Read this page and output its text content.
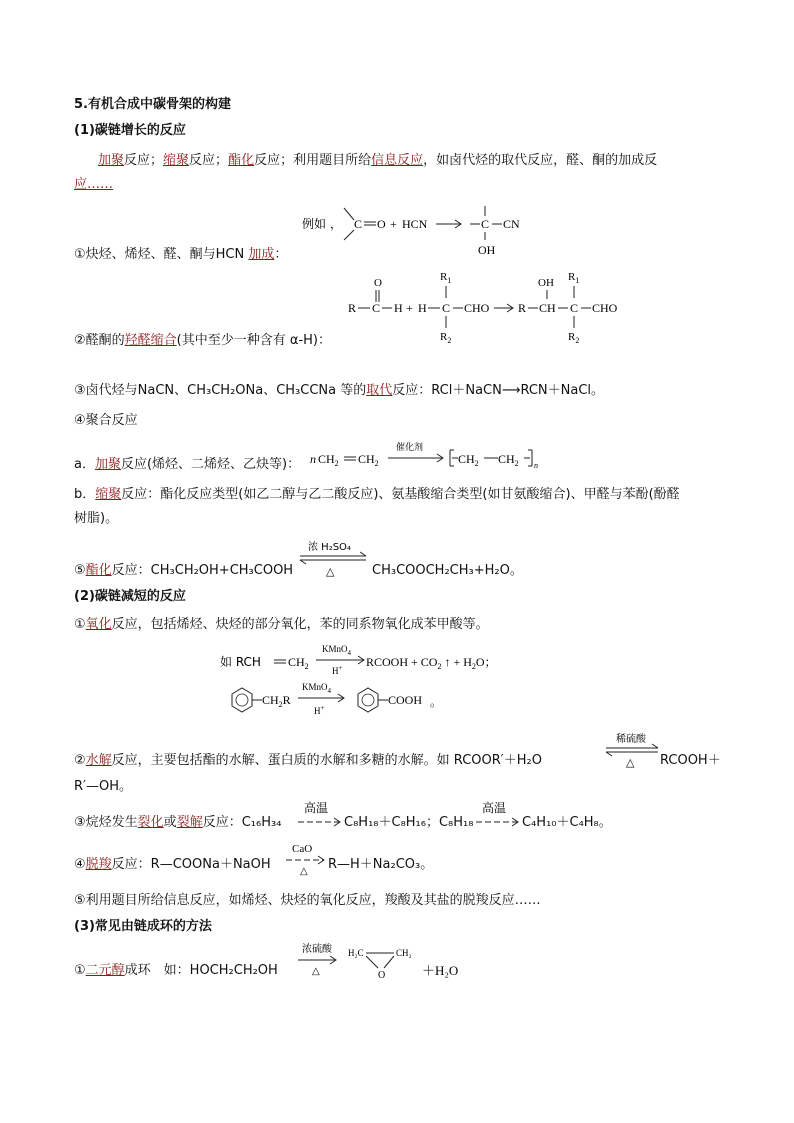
5.有机合成中碳骨架的构建
(1)碳链增长的反应
加聚反应；缩聚反应；酯化反应；利用题目所给信息反应，如卤代烃的取代反应，醛、酮的加成反
应……
例如 ， C O + HCN	C CN
OH
①炔烃、烯烃、醛、酮与HCN 加成：
O
R C H + H C
$R_1$
$R_2$
CHO R CH
OH
C
$R_1$
$R_2$
CHO
②醛酮的羟醛缩合(其中至少一种含有 α-H)：
③卤代烃与NaCN、CH₃CH₂ONa、CH₃CCNa 等的取代反应：RCl＋NaCN⟶RCN＋NaCl。
④聚合反应
a．加聚反应(烯烃、二烯烃、乙炔等)： n $CH_2$ $CH_2$
催化剂
$CH_2$ $CH_2$ n
b．缩聚反应：酯化反应类型(如乙二醇与乙二酸反应)、氨基酸缩合类型(如甘氨酸缩合)、甲醛与苯酚(酚醛
树脂)。
⑤酯化反应：CH₃CH₂OH+CH₃COOH
浓 H₂SO₄
△	CH₃COOCH₂CH₃+H₂O。
(2)碳链减短的反应
①氧化反应，包括烯烃、炔烃的部分氧化，苯的同系物氧化成苯甲酸等。
如 RCH $CH_2$
KMnO$_4$
H+ RCOOH + $CO_2$ ↑ + $H_2O$；
$CH_2R$
KMnO$_4$
H+
COOH 。
②水解反应，主要包括酯的水解、蛋白质的水解和多糖的水解。如 RCOOR′＋H₂O
稀硫酸
△ RCOOH＋
R′—OH。
③烷烃发生裂化或裂解反应：C₁₆H₃₄
高温
C₈H₁₈＋C₈H₁₆；C₈H₁₈
高温
C₄H₁₀＋C₄H₈。
④脱羧反应：R—COONa＋NaOH
CaO
△ R—H＋Na₂CO₃。
⑤利用题目所给信息反应，如烯烃、炔烃的氧化反应，羧酸及其盐的脱羧反应……
(3)常见由链成环的方法
①二元醇成环　如：HOCH₂CH₂OH
浓硫酸
△
H₂C	CH₂
O	＋H₂O
